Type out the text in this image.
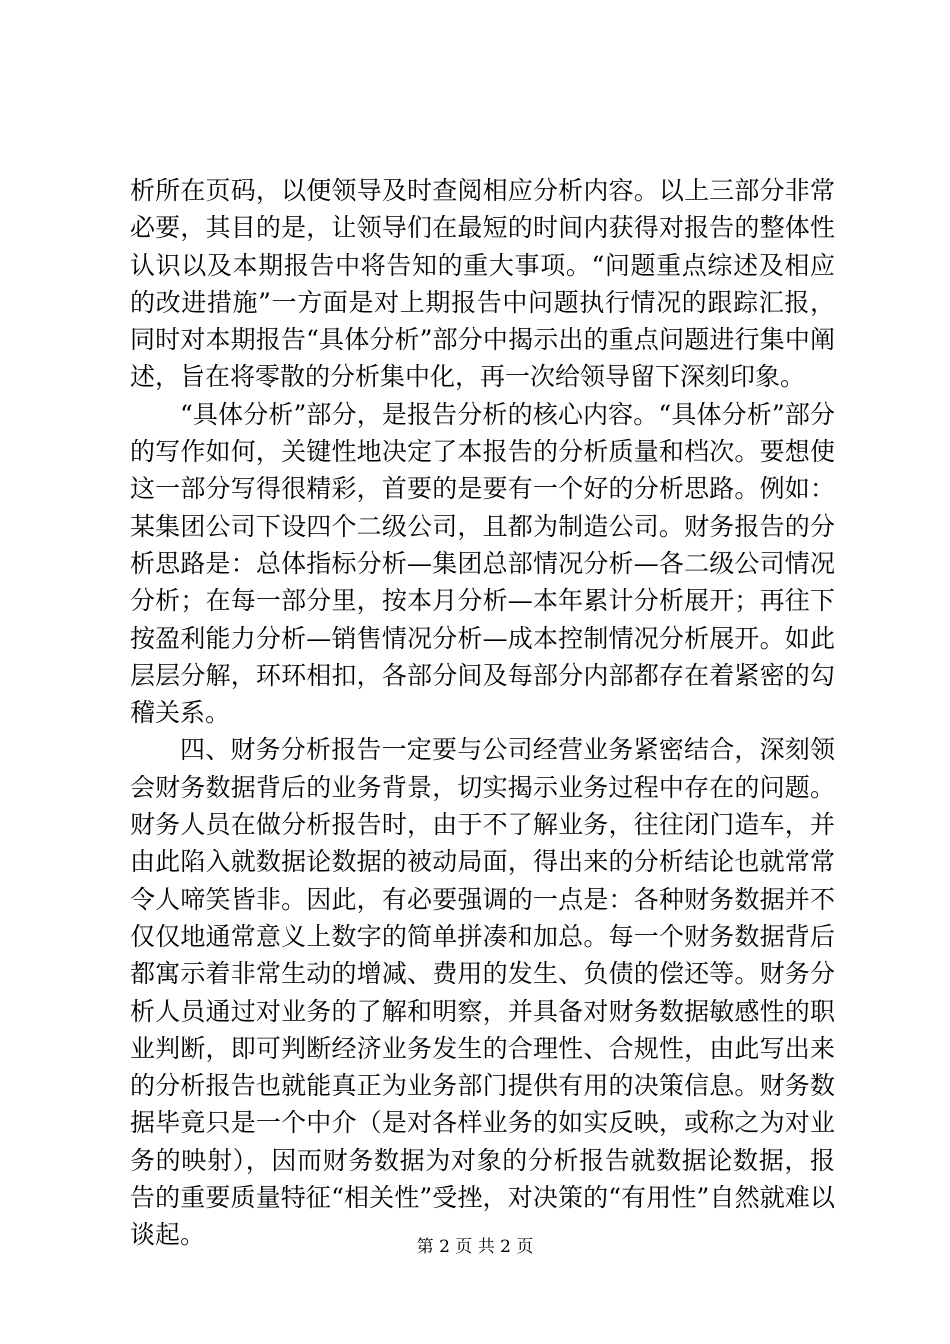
析所在页码，以便领导及时查阅相应分析内容。以上三部分非常必要，其目的是，让领导们在最短的时间内获得对报告的整体性认识以及本期报告中将告知的重大事项。“问题重点综述及相应的改进措施”一方面是对上期报告中问题执行情况的跟踪汇报，同时对本期报告“具体分析”部分中揭示出的重点问题进行集中阐述，旨在将零散的分析集中化，再一次给领导留下深刻印象。

“具体分析”部分，是报告分析的核心内容。“具体分析”部分的写作如何，关键性地决定了本报告的分析质量和档次。要想使这一部分写得很精彩，首要的是要有一个好的分析思路。例如：某集团公司下设四个二级公司，且都为制造公司。财务报告的分析思路是：总体指标分析—集团总部情况分析—各二级公司情况分析；在每一部分里，按本月分析—本年累计分析展开；再往下按盈利能力分析—销售情况分析—成本控制情况分析展开。如此层层分解，环环相扣，各部分间及每部分内部都存在着紧密的勾稽关系。

四、财务分析报告一定要与公司经营业务紧密结合，深刻领会财务数据背后的业务背景，切实揭示业务过程中存在的问题。财务人员在做分析报告时，由于不了解业务，往往闭门造车，并由此陷入就数据论数据的被动局面，得出来的分析结论也就常常令人啼笑皆非。因此，有必要强调的一点是：各种财务数据并不仅仅地通常意义上数字的简单拼凑和加总。每一个财务数据背后都寓示着非常生动的增减、费用的发生、负债的偿还等。财务分析人员通过对业务的了解和明察，并具备对财务数据敏感性的职业判断，即可判断经济业务发生的合理性、合规性，由此写出来的分析报告也就能真正为业务部门提供有用的决策信息。财务数据毕竟只是一个中介（是对各样业务的如实反映，或称之为对业务的映射），因而财务数据为对象的分析报告就数据论数据，报告的重要质量特征“相关性”受挫，对决策的“有用性”自然就难以谈起。	第 2 页 共 2 页
